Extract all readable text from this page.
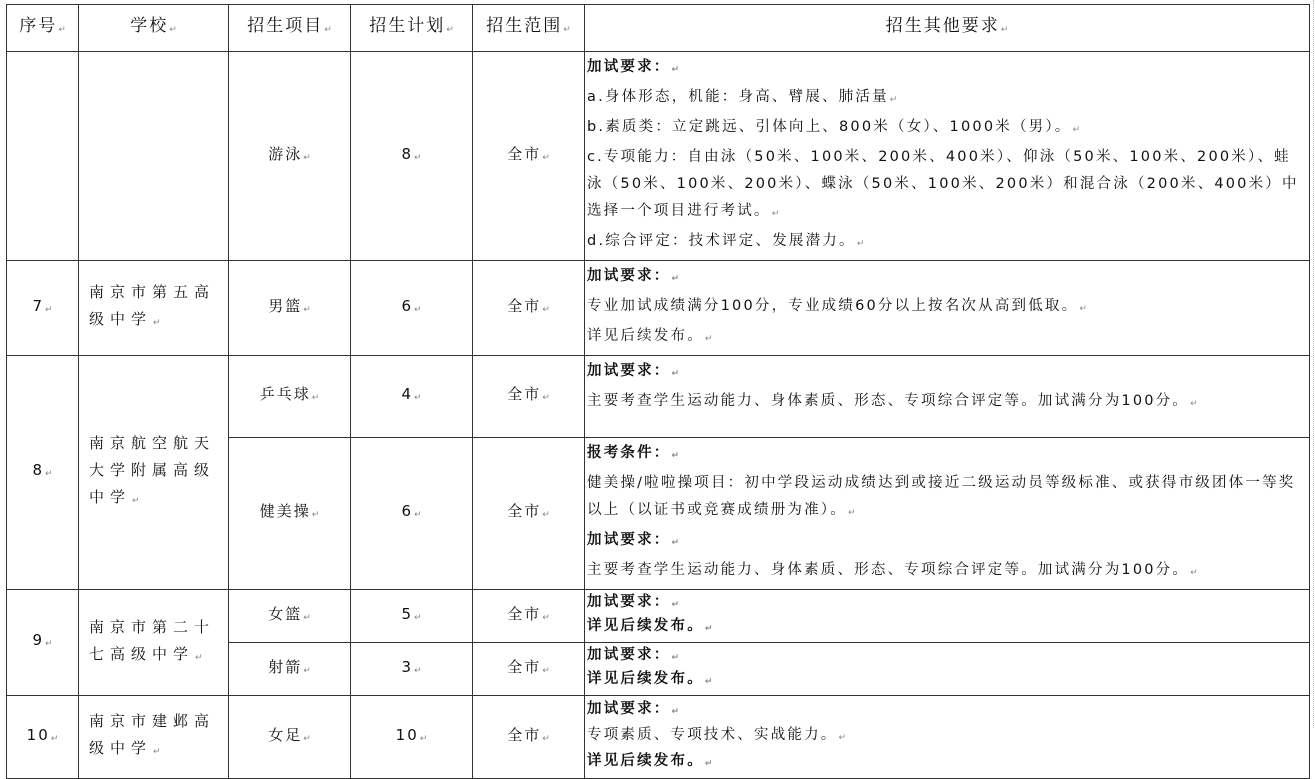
序号↵	学校↵	招生项目↵	招生计划↵	招生范围↵	招生其他要求↵
		游泳↵	8↵	全市↵	加试要求：↵
a.身体形态，机能：身高、臂展、肺活量↵
b.素质类：立定跳远、引体向上、800米（女）、1000米（男）。↵
c.专项能力：自由泳（50米、100米、200米、400米）、仰泳（50米、100米、200米）、蛙泳（50米、100米、200米）、蝶泳（50米、100米、200米）和混合泳（200米、400米）中选择一个项目进行考试。↵
d.综合评定：技术评定、发展潜力。↵

7↵	南京市第五高级中学↵	男篮↵	6↵	全市↵	加试要求：↵
专业加试成绩满分100分，专业成绩60分以上按名次从高到低取。↵
详见后续发布。↵

8↵	南京航空航天大学附属高级中学↵	乒乓球↵	4↵	全市↵	加试要求：↵
主要考查学生运动能力、身体素质、形态、专项综合评定等。加试满分为100分。↵

		健美操↵	6↵	全市↵	报考条件：↵
健美操/啦啦操项目：初中学段运动成绩达到或接近二级运动员等级标准、或获得市级团体一等奖以上（以证书或竞赛成绩册为准）。↵
加试要求：↵
主要考查学生运动能力、身体素质、形态、专项综合评定等。加试满分为100分。↵

9↵	南京市第二十七高级中学↵	女篮↵	5↵	全市↵	加试要求：↵
详见后续发布。↵

		射箭↵	3↵	全市↵	加试要求：↵
详见后续发布。↵

10↵	南京市建邺高级中学↵	女足↵	10↵	全市↵	加试要求：↵
专项素质、专项技术、实战能力。↵
详见后续发布。↵
